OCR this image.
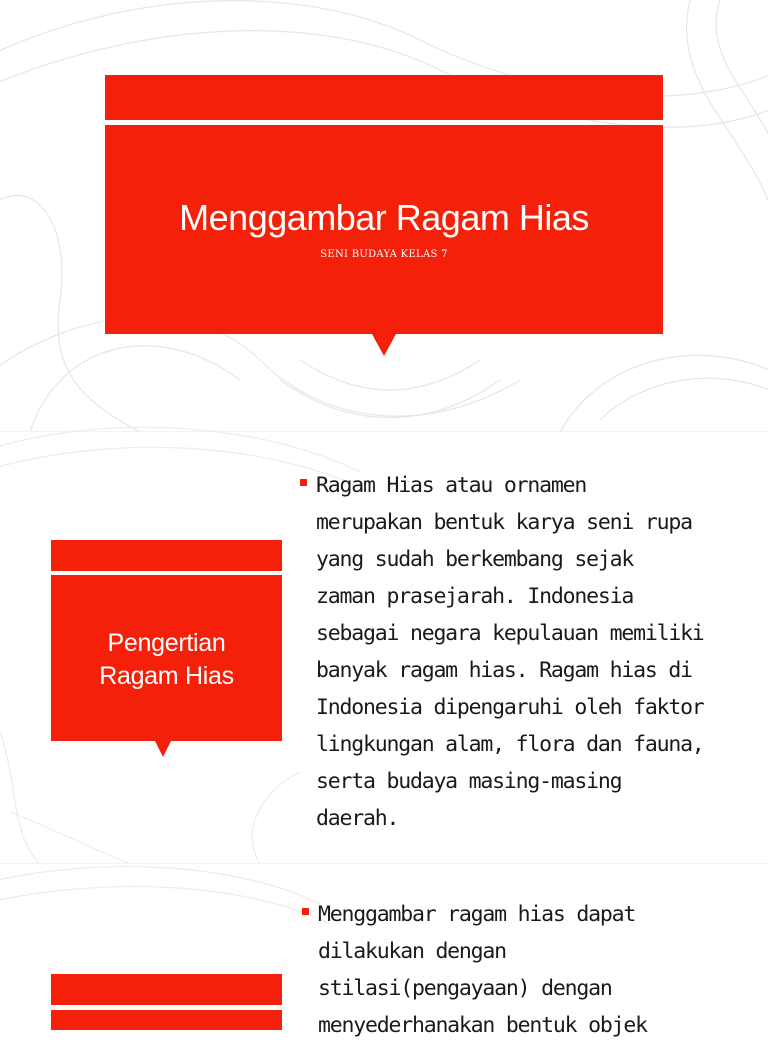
Menggambar Ragam Hias
SENI BUDAYA KELAS 7
Pengertian
Ragam Hias
Ragam Hias atau ornamen
merupakan bentuk karya seni rupa
yang sudah berkembang sejak
zaman prasejarah. Indonesia
sebagai negara kepulauan memiliki
banyak ragam hias. Ragam hias di
Indonesia dipengaruhi oleh faktor
lingkungan alam, flora dan fauna,
serta budaya masing-masing
daerah.
Menggambar ragam hias dapat
dilakukan dengan
stilasi(pengayaan) dengan
menyederhanakan bentuk objek
